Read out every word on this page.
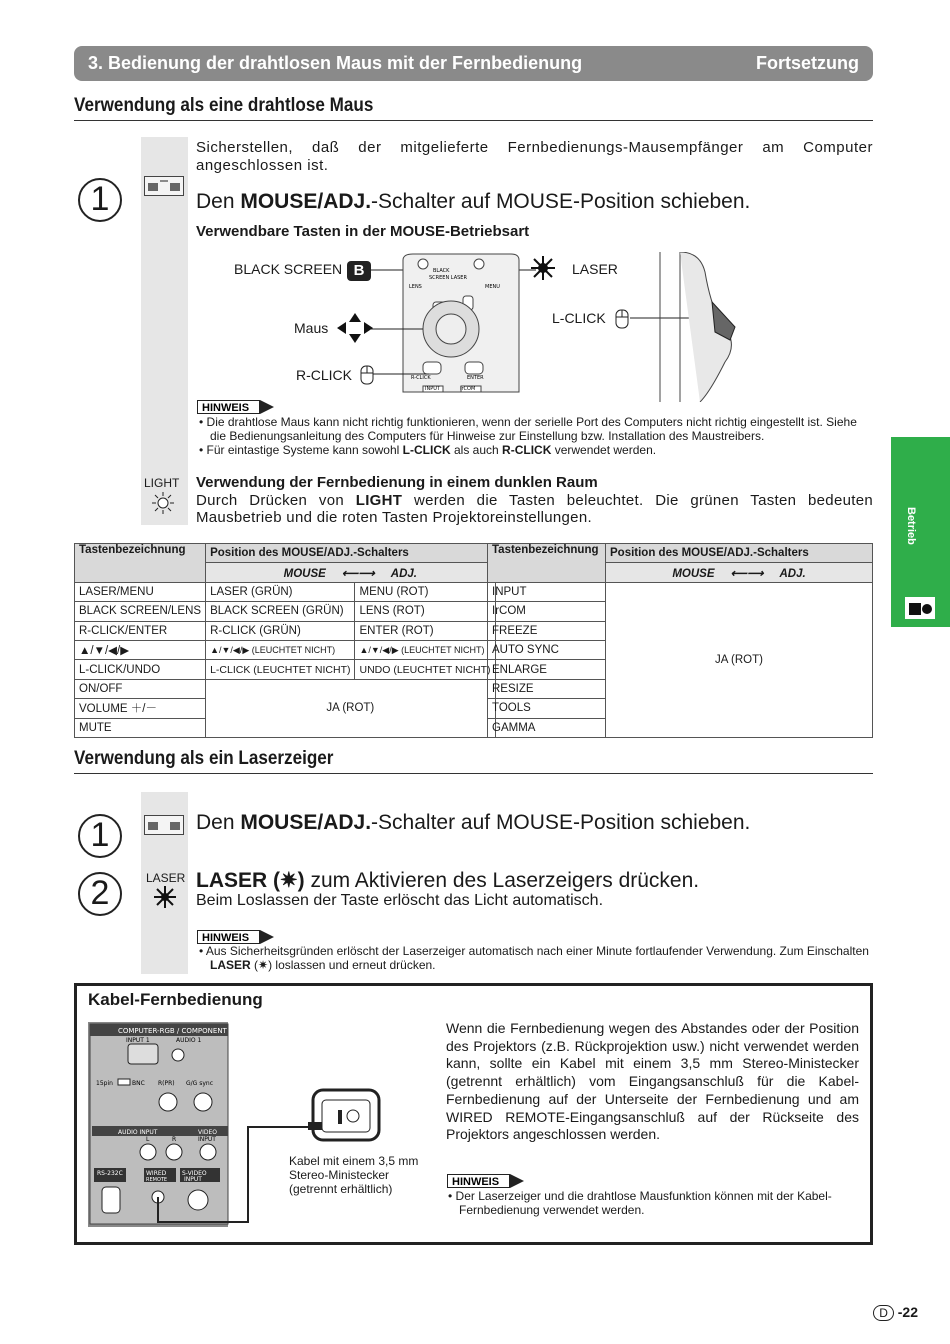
3. Bedienung der drahtlosen Maus mit der Fernbedienung	Fortsetzung
Verwendung als eine drahtlose Maus
1
Sicherstellen, daß der mitgelieferte Fernbedienungs-Mausempfänger am Computer angeschlossen ist.
Den MOUSE/ADJ.-Schalter auf MOUSE-Position schieben.
Verwendbare Tasten in der MOUSE-Betriebsart
BLACK SCREEN B	BLACK
SCREEN LASER
LENS	MENU
R-CLICK	ENTER
INPUT	IrCOM
LASER
Maus
R-CLICK
L-CLICK
HINWEIS
• Die drahtlose Maus kann nicht richtig funktionieren, wenn der serielle Port des Computers nicht richtig eingestellt ist. Siehe die Bedienungsanleitung des Computers für Hinweise zur Einstellung bzw. Installation des Maustreibers.
• Für eintastige Systeme kann sowohl L-CLICK als auch R-CLICK verwendet werden.
LIGHT Verwendung der Fernbedienung in einem dunklen Raum
Durch Drücken von LIGHT werden die Tasten beleuchtet. Die grünen Tasten bedeuten Mausbetrieb und die roten Tasten Projektoreinstellungen.
Tastenbezeichnung	Position des MOUSE/ADJ.-Schalters	
	MOUSE ⟵⟶ ADJ.	
LASER/MENU	LASER (GRÜN)	MENU (ROT)
BLACK SCREEN/LENS	BLACK SCREEN (GRÜN)	LENS (ROT)
R-CLICK/ENTER	R-CLICK (GRÜN)	ENTER (ROT)
▲/▼/◀/▶	▲/▼/◀/▶ (LEUCHTET NICHT)	▲/▼/◀/▶ (LEUCHTET NICHT)
L-CLICK/UNDO	L-CLICK (LEUCHTET NICHT)	UNDO (LEUCHTET NICHT)
ON/OFF	JA (ROT)	
VOLUME ＋/－		
MUTE		
Tastenbezeichnung	Position des MOUSE/ADJ.-Schalters
	MOUSE ⟵⟶ ADJ.
INPUT	JA (ROT)
IrCOM	
FREEZE	
AUTO SYNC	
ENLARGE	
RESIZE	
TOOLS	
GAMMA	
Verwendung als ein Laserzeiger
1
2
Den MOUSE/ADJ.-Schalter auf MOUSE-Position schieben.
LASER LASER (✷) zum Aktivieren des Laserzeigers drücken.
Beim Loslassen der Taste erlöscht das Licht automatisch.
HINWEIS
• Aus Sicherheitsgründen erlöscht der Laserzeiger automatisch nach einer Minute fortlaufender Verwendung. Zum Einschalten LASER (✷) loslassen und erneut drücken.
Kabel-Fernbedienung
COMPUTER-RGB / COMPONENT
INPUT 1	AUDIO 1
15pin	BNC R(PR) G/G sync
AUDIO INPUT	VIDEO
L	R	INPUT
RS-232C	WIRED
REMOTE
S-VIDEO
INPUT
Kabel mit einem 3,5 mm Stereo-Ministecker (getrennt erhältlich)
Wenn die Fernbedienung wegen des Abstandes oder der Position des Projektors (z.B. Rückprojektion usw.) nicht verwendet werden kann, sollte ein Kabel mit einem 3,5 mm Stereo-Ministecker (getrennt erhältlich) vom Eingangsanschluß für die Kabel-Fernbedienung auf der Unterseite der Fernbedienung und am WIRED REMOTE-Eingangsanschluß auf der Rückseite des Projektors angeschlossen werden.
HINWEIS
• Der Laserzeiger und die drahtlose Mausfunktion können mit der Kabel-Fernbedienung verwendet werden.
Betrieb
D -22
